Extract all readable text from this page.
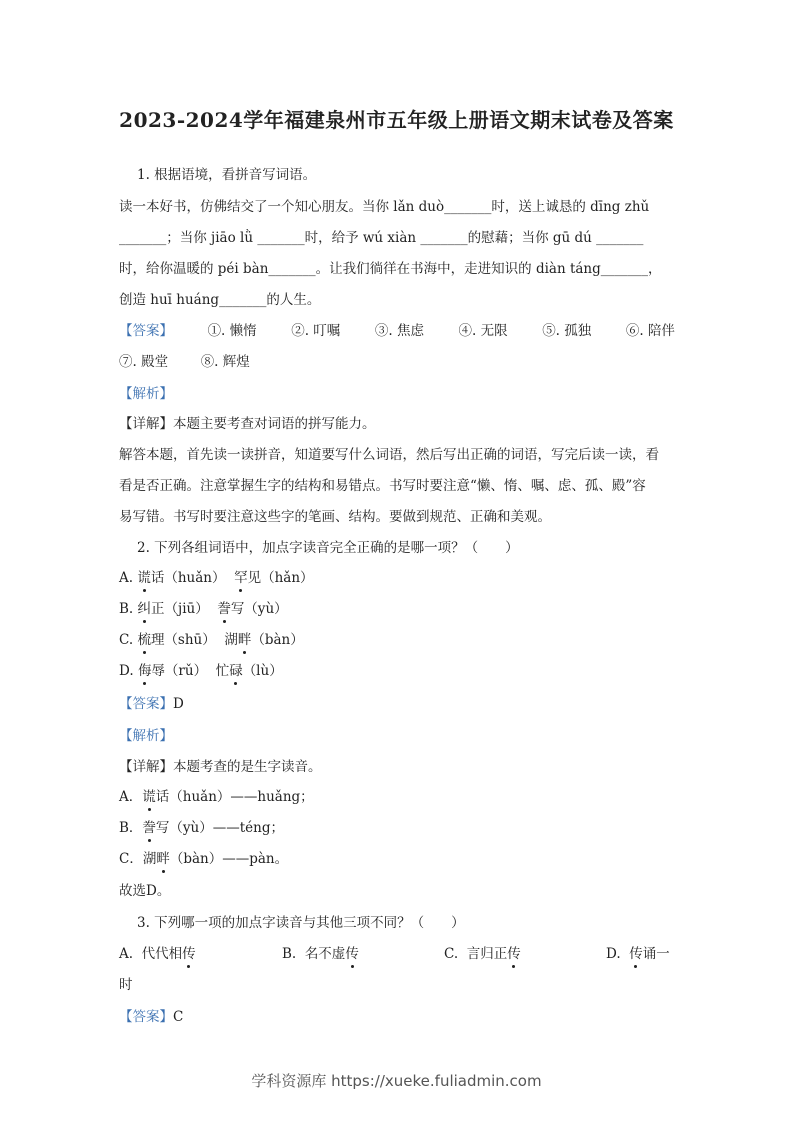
2023-2024学年福建泉州市五年级上册语文期末试卷及答案
1. 根据语境，看拼音写词语。
读一本好书，仿佛结交了一个知心朋友。当你 lǎn duò_______时，送上诚恳的 dīng zhǔ
_______；当你 jiāo lǜ _______时，给予 wú xiàn _______的慰藉；当你 gū dú _______
时，给你温暖的 péi bàn_______。让我们徜徉在书海中，走进知识的 diàn táng_______，
创造 huī huáng_______的人生。
【答案】	①. 懒惰	②. 叮嘱	③. 焦虑	④. 无限	⑤. 孤独	⑥. 陪伴
⑦. 殿堂 ⑧. 辉煌
【解析】
【详解】本题主要考查对词语的拼写能力。
解答本题，首先读一读拼音，知道要写什么词语，然后写出正确的词语，写完后读一读，看
看是否正确。注意掌握生字的结构和易错点。书写时要注意“懒、惰、嘱、虑、孤、殿”容
易写错。书写时要注意这些字的笔画、结构。要做到规范、正确和美观。
2. 下列各组词语中，加点字读音完全正确的是哪一项？（　　）
A. 谎话（huǎn） 罕见（hǎn）
B. 纠正（jiū） 誊写（yù）
C. 梳理（shū） 湖畔（bàn）
D. 侮辱（rǔ） 忙碌（lù）
【答案】D
【解析】
【详解】本题考查的是生字读音。
A．谎话（huǎn）——huǎng；
B．誊写（yù）——téng；
C．湖畔（bàn）——pàn。
故选D。
3. 下列哪一项的加点字读音与其他三项不同？（　　）
A. 代代相传	B. 名不虚传	C. 言归正传	D. 传诵一
时
【答案】C
学科资源库 https://xueke.fuliadmin.com
